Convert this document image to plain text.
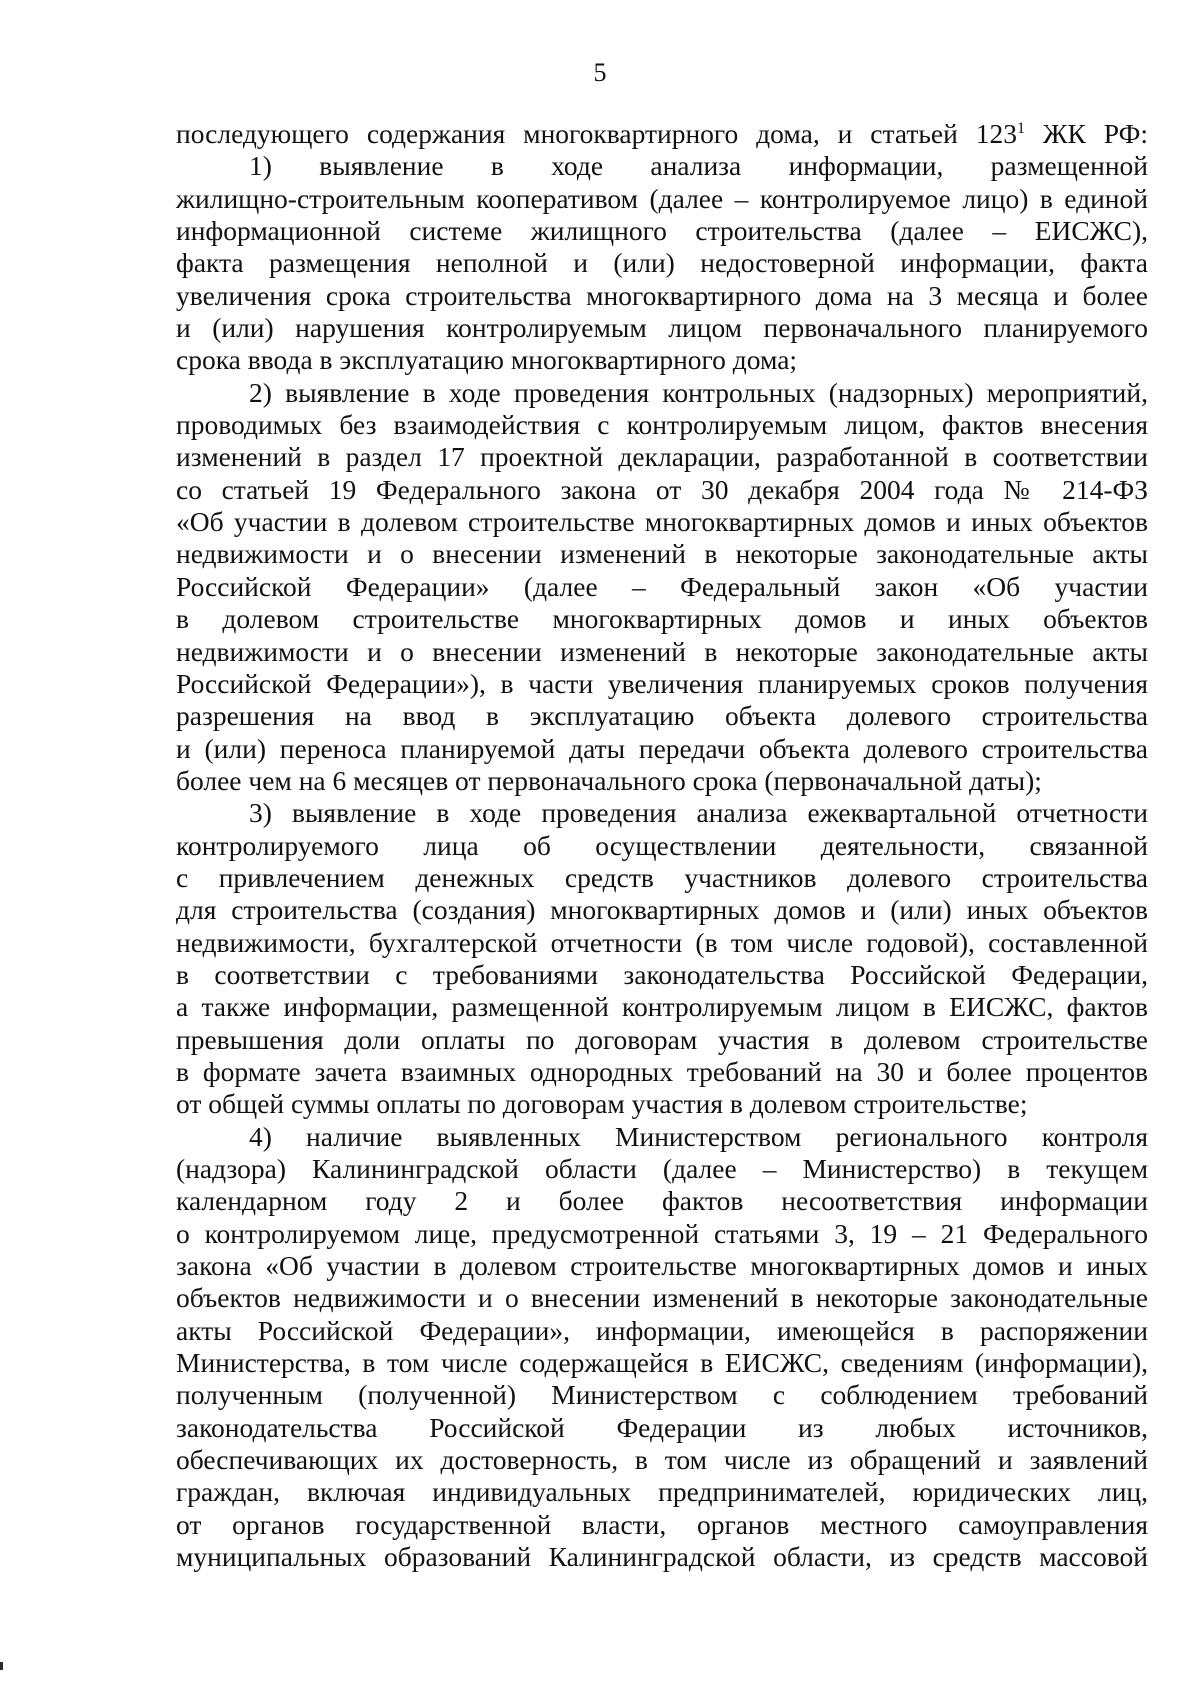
5
последующего содержания многоквартирного дома, и статьей $123^1$ ЖК РФ:
1) выявление в ходе анализа информации, размещенной
жилищно-строительным кооперативом (далее – контролируемое лицо) в единой
информационной системе жилищного строительства (далее – ЕИСЖС),
факта размещения неполной и (или) недостоверной информации, факта
увеличения срока строительства многоквартирного дома на 3 месяца и более
и (или) нарушения контролируемым лицом первоначального планируемого
срока ввода в эксплуатацию многоквартирного дома;
2) выявление в ходе проведения контрольных (надзорных) мероприятий,
проводимых без взаимодействия с контролируемым лицом, фактов внесения
изменений в раздел 17 проектной декларации, разработанной в соответствии
со статьей 19 Федерального закона от 30 декабря 2004 года № 214-ФЗ
«Об участии в долевом строительстве многоквартирных домов и иных объектов
недвижимости и о внесении изменений в некоторые законодательные акты
Российской Федерации» (далее – Федеральный закон «Об участии
в долевом строительстве многоквартирных домов и иных объектов
недвижимости и о внесении изменений в некоторые законодательные акты
Российской Федерации»), в части увеличения планируемых сроков получения
разрешения на ввод в эксплуатацию объекта долевого строительства
и (или) переноса планируемой даты передачи объекта долевого строительства
более чем на 6 месяцев от первоначального срока (первоначальной даты);
3) выявление в ходе проведения анализа ежеквартальной отчетности
контролируемого лица об осуществлении деятельности, связанной
с привлечением денежных средств участников долевого строительства
для строительства (создания) многоквартирных домов и (или) иных объектов
недвижимости, бухгалтерской отчетности (в том числе годовой), составленной
в соответствии с требованиями законодательства Российской Федерации,
а также информации, размещенной контролируемым лицом в ЕИСЖС, фактов
превышения доли оплаты по договорам участия в долевом строительстве
в формате зачета взаимных однородных требований на 30 и более процентов
от общей суммы оплаты по договорам участия в долевом строительстве;
4) наличие выявленных Министерством регионального контроля
(надзора) Калининградской области (далее – Министерство) в текущем
календарном году 2 и более фактов несоответствия информации
о контролируемом лице, предусмотренной статьями 3, 19 – 21 Федерального
закона «Об участии в долевом строительстве многоквартирных домов и иных
объектов недвижимости и о внесении изменений в некоторые законодательные
акты Российской Федерации», информации, имеющейся в распоряжении
Министерства, в том числе содержащейся в ЕИСЖС, сведениям (информации),
полученным (полученной) Министерством с соблюдением требований
законодательства Российской Федерации из любых источников,
обеспечивающих их достоверность, в том числе из обращений и заявлений
граждан, включая индивидуальных предпринимателей, юридических лиц,
от органов государственной власти, органов местного самоуправления
муниципальных образований Калининградской области, из средств массовой
